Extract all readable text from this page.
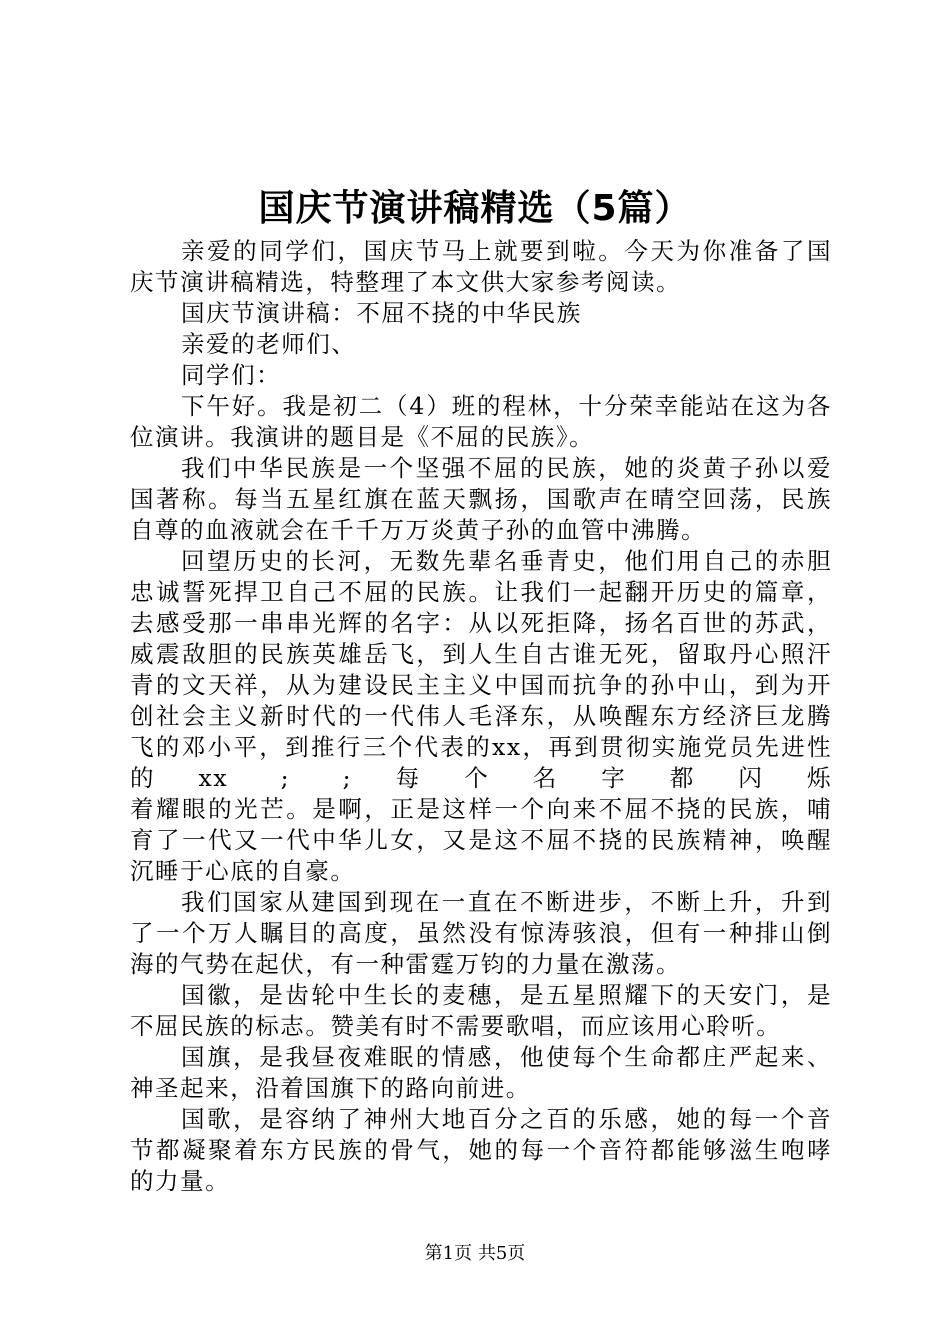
国庆节演讲稿精选（5篇）
亲爱的同学们，国庆节马上就要到啦。今天为你准备了国
庆节演讲稿精选，特整理了本文供大家参考阅读。
国庆节演讲稿：不屈不挠的中华民族
亲爱的老师们、
同学们：
下午好。我是初二（4）班的程林，十分荣幸能站在这为各
位演讲。我演讲的题目是《不屈的民族》。
我们中华民族是一个坚强不屈的民族，她的炎黄子孙以爱
国著称。每当五星红旗在蓝天飘扬，国歌声在晴空回荡，民族
自尊的血液就会在千千万万炎黄子孙的血管中沸腾。
回望历史的长河，无数先辈名垂青史，他们用自己的赤胆
忠诚誓死捍卫自己不屈的民族。让我们一起翻开历史的篇章，
去感受那一串串光辉的名字：从以死拒降，扬名百世的苏武，
威震敌胆的民族英雄岳飞，到人生自古谁无死，留取丹心照汗
青的文天祥，从为建设民主主义中国而抗争的孙中山，到为开
创社会主义新时代的一代伟人毛泽东，从唤醒东方经济巨龙腾
飞的邓小平，到推行三个代表的xx，再到贯彻实施党员先进性
的xx ; ;每个名字都闪烁
着耀眼的光芒。是啊，正是这样一个向来不屈不挠的民族，哺
育了一代又一代中华儿女，又是这不屈不挠的民族精神，唤醒
沉睡于心底的自豪。
我们国家从建国到现在一直在不断进步，不断上升，升到
了一个万人瞩目的高度，虽然没有惊涛骇浪，但有一种排山倒
海的气势在起伏，有一种雷霆万钧的力量在激荡。
国徽，是齿轮中生长的麦穗，是五星照耀下的天安门，是
不屈民族的标志。赞美有时不需要歌唱，而应该用心聆听。
国旗，是我昼夜难眠的情感，他使每个生命都庄严起来、
神圣起来，沿着国旗下的路向前进。
国歌，是容纳了神州大地百分之百的乐感，她的每一个音
节都凝聚着东方民族的骨气，她的每一个音符都能够滋生咆哮
的力量。
第1页 共5页
